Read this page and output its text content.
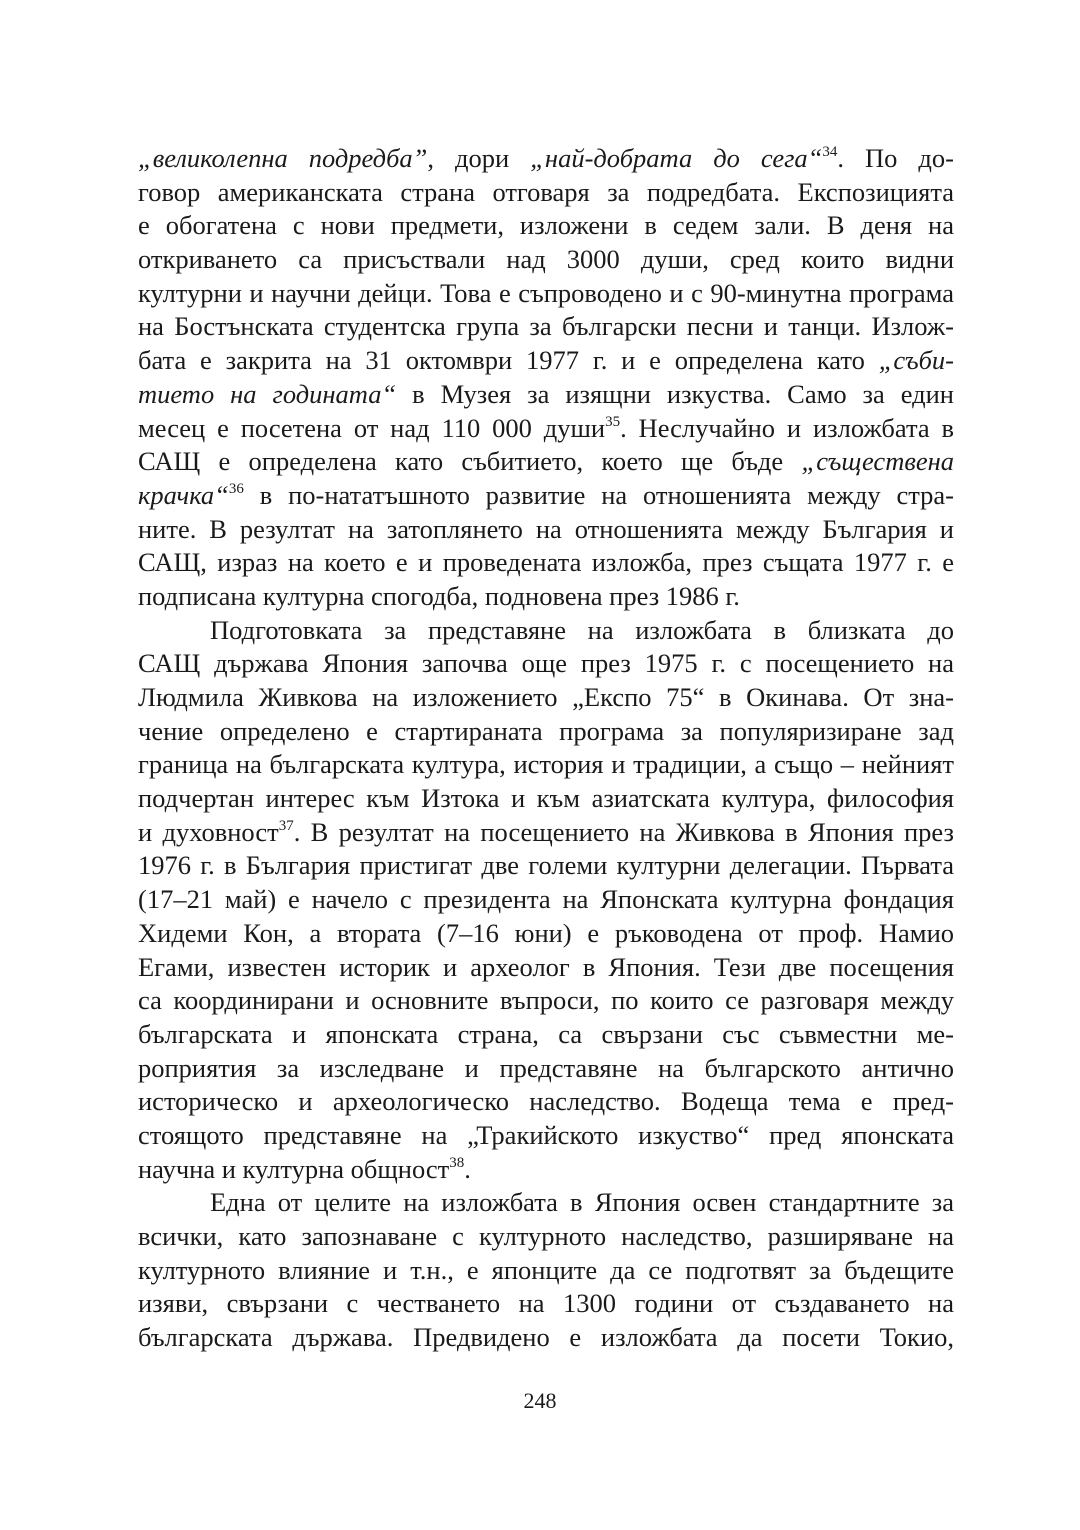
„великолепна подредба”, дори „най-добрата до сега“$^{34}$. По до-
говор американската страна отговаря за подредбата. Експозицията
е обогатена с нови предмети, изложени в седем зали. В деня на
откриването са присъствали над 3000 души, сред които видни
културни и научни дейци. Това е съпроводено и с 90-минутна програма
на Бостънската студентска група за български песни и танци. Излож-
бата е закрита на 31 октомври 1977 г. и е определена като „съби-
тието на годината“ в Музея за изящни изкуства. Само за един
месец е посетена от над 110 000 души$^{35}$. Неслучайно и изложбата в
САЩ е определена като събитието, което ще бъде „съществена
крачка“$^{36}$ в по-нататъшното развитие на отношенията между стра-
ните. В резултат на затоплянето на отношенията между България и
САЩ, израз на което е и проведената изложба, през същата 1977 г. е
подписана културна спогодба, подновена през 1986 г.
Подготовката за представяне на изложбата в близката до
САЩ държава Япония започва още през 1975 г. с посещението на
Людмила Живкова на изложението „Експо 75“ в Окинава. От зна-
чение определено е стартираната програма за популяризиране зад
граница на българската култура, история и традиции, а също – нейният
подчертан интерес към Изтока и към азиатската култура, философия
и духовност$^{37}$. В резултат на посещението на Живкова в Япония през
1976 г. в България пристигат две големи културни делегации. Първата
(17–21 май) е начело с президента на Японската културна фондация
Хидеми Кон, а втората (7–16 юни) е ръководена от проф. Намио
Егами, известен историк и археолог в Япония. Тези две посещения
са координирани и основните въпроси, по които се разговаря между
българската и японската страна, са свързани със съвместни ме-
роприятия за изследване и представяне на българското антично
историческо и археологическо наследство. Водеща тема е пред-
стоящото представяне на „Тракийското изкуство“ пред японската
научна и културна общност$^{38}$.
Една от целите на изложбата в Япония освен стандартните за
всички, като запознаване с културното наследство, разширяване на
културното влияние и т.н., е японците да се подготвят за бъдещите
изяви, свързани с честването на 1300 години от създаването на
българската държава. Предвидено е изложбата да посети Токио,
248
